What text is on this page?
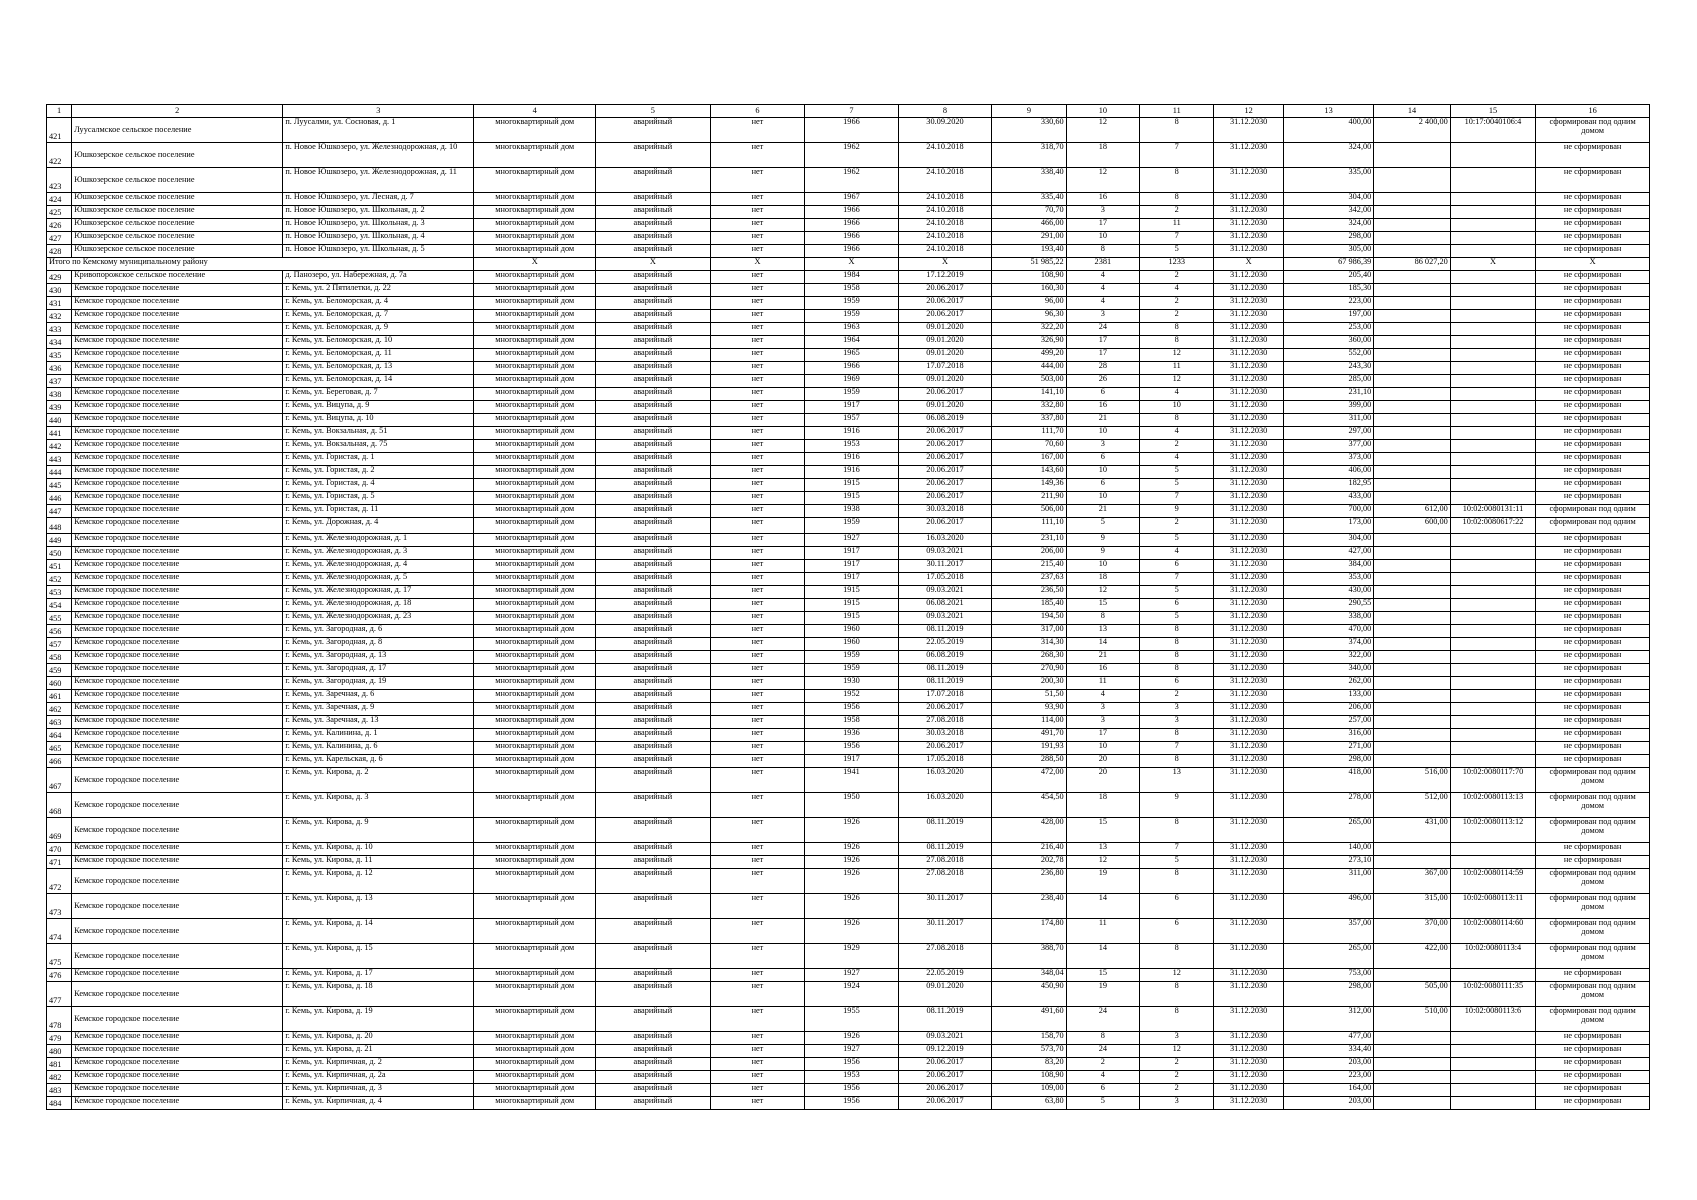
1	2	3	4	5	6	7	8	9	10	11	12	13	14	15	16
421	Луусалмское сельское поселение	п. Луусалми, ул. Сосновая, д. 1	многоквартирный дом	аварийный	нет	1966	30.09.2020	330,60	12	8	31.12.2030	400,00	2 400,00	10:17:0040106:4	сформирован под одним домом
422	Юшкозерское сельское поселение	п. Новое Юшкозеро, ул. Железнодорожная, д. 10	многоквартирный дом	аварийный	нет	1962	24.10.2018	318,70	18	7	31.12.2030	324,00			не сформирован
423	Юшкозерское сельское поселение	п. Новое Юшкозеро, ул. Железнодорожная, д. 11	многоквартирный дом	аварийный	нет	1962	24.10.2018	338,40	12	8	31.12.2030	335,00			не сформирован
424	Юшкозерское сельское поселение	п. Новое Юшкозеро, ул. Лесная, д. 7	многоквартирный дом	аварийный	нет	1967	24.10.2018	335,40	16	8	31.12.2030	304,00			не сформирован
425	Юшкозерское сельское поселение	п. Новое Юшкозеро, ул. Школьная, д. 2	многоквартирный дом	аварийный	нет	1966	24.10.2018	70,70	3	2	31.12.2030	342,00			не сформирован
426	Юшкозерское сельское поселение	п. Новое Юшкозеро, ул. Школьная, д. 3	многоквартирный дом	аварийный	нет	1966	24.10.2018	466,00	17	11	31.12.2030	324,00			не сформирован
427	Юшкозерское сельское поселение	п. Новое Юшкозеро, ул. Школьная, д. 4	многоквартирный дом	аварийный	нет	1966	24.10.2018	291,00	10	7	31.12.2030	298,00			не сформирован
428	Юшкозерское сельское поселение	п. Новое Юшкозеро, ул. Школьная, д. 5	многоквартирный дом	аварийный	нет	1966	24.10.2018	193,40	8	5	31.12.2030	305,00			не сформирован
Итого по Кемскому муниципальному району			X	X	X	X	X	51 985,22	2381	1233	X	67 986,39	86 027,20	X	X
429	Кривопорожское сельское поселение	д. Панозеро, ул. Набережная, д. 7а	многоквартирный дом	аварийный	нет	1984	17.12.2019	108,90	4	2	31.12.2030	205,40			не сформирован
430	Кемское городское поселение	г. Кемь, ул. 2 Пятилетки, д. 22	многоквартирный дом	аварийный	нет	1958	20.06.2017	160,30	4	4	31.12.2030	185,30			не сформирован
431	Кемское городское поселение	г. Кемь, ул. Беломорская, д. 4	многоквартирный дом	аварийный	нет	1959	20.06.2017	96,00	4	2	31.12.2030	223,00			не сформирован
432	Кемское городское поселение	г. Кемь, ул. Беломорская, д. 7	многоквартирный дом	аварийный	нет	1959	20.06.2017	96,30	3	2	31.12.2030	197,00			не сформирован
433	Кемское городское поселение	г. Кемь, ул. Беломорская, д. 9	многоквартирный дом	аварийный	нет	1963	09.01.2020	322,20	24	8	31.12.2030	253,00			не сформирован
434	Кемское городское поселение	г. Кемь, ул. Беломорская, д. 10	многоквартирный дом	аварийный	нет	1964	09.01.2020	326,90	17	8	31.12.2030	360,00			не сформирован
435	Кемское городское поселение	г. Кемь, ул. Беломорская, д. 11	многоквартирный дом	аварийный	нет	1965	09.01.2020	499,20	17	12	31.12.2030	552,00			не сформирован
436	Кемское городское поселение	г. Кемь, ул. Беломорская, д. 13	многоквартирный дом	аварийный	нет	1966	17.07.2018	444,00	28	11	31.12.2030	243,30			не сформирован
437	Кемское городское поселение	г. Кемь, ул. Беломорская, д. 14	многоквартирный дом	аварийный	нет	1969	09.01.2020	503,00	26	12	31.12.2030	285,00			не сформирован
438	Кемское городское поселение	г. Кемь, ул. Береговая, д. 7	многоквартирный дом	аварийный	нет	1959	20.06.2017	141,10	6	4	31.12.2030	231,10			не сформирован
439	Кемское городское поселение	г. Кемь, ул. Вицупа, д. 9	многоквартирный дом	аварийный	нет	1917	09.01.2020	332,80	16	10	31.12.2030	399,00			не сформирован
440	Кемское городское поселение	г. Кемь, ул. Вицупа, д. 10	многоквартирный дом	аварийный	нет	1957	06.08.2019	337,80	21	8	31.12.2030	311,00			не сформирован
441	Кемское городское поселение	г. Кемь, ул. Вокзальная, д. 51	многоквартирный дом	аварийный	нет	1916	20.06.2017	111,70	10	4	31.12.2030	297,00			не сформирован
442	Кемское городское поселение	г. Кемь, ул. Вокзальная, д. 75	многоквартирный дом	аварийный	нет	1953	20.06.2017	70,60	3	2	31.12.2030	377,00			не сформирован
443	Кемское городское поселение	г. Кемь, ул. Гористая, д. 1	многоквартирный дом	аварийный	нет	1916	20.06.2017	167,00	6	4	31.12.2030	373,00			не сформирован
444	Кемское городское поселение	г. Кемь, ул. Гористая, д. 2	многоквартирный дом	аварийный	нет	1916	20.06.2017	143,60	10	5	31.12.2030	406,00			не сформирован
445	Кемское городское поселение	г. Кемь, ул. Гористая, д. 4	многоквартирный дом	аварийный	нет	1915	20.06.2017	149,36	6	5	31.12.2030	182,95			не сформирован
446	Кемское городское поселение	г. Кемь, ул. Гористая, д. 5	многоквартирный дом	аварийный	нет	1915	20.06.2017	211,90	10	7	31.12.2030	433,00			не сформирован
447	Кемское городское поселение	г. Кемь, ул. Гористая, д. 11	многоквартирный дом	аварийный	нет	1938	30.03.2018	506,00	21	9	31.12.2030	700,00	612,00	10:02:0080131:11	сформирован под одним
448	Кемское городское поселение	г. Кемь, ул. Дорожная, д. 4	многоквартирный дом	аварийный	нет	1959	20.06.2017	111,10	5	2	31.12.2030	173,00	600,00	10:02:0080617:22	сформирован под одним
449	Кемское городское поселение	г. Кемь, ул. Железнодорожная, д. 1	многоквартирный дом	аварийный	нет	1927	16.03.2020	231,10	9	5	31.12.2030	304,00			не сформирован
450	Кемское городское поселение	г. Кемь, ул. Железнодорожная, д. 3	многоквартирный дом	аварийный	нет	1917	09.03.2021	206,00	9	4	31.12.2030	427,00			не сформирован
451	Кемское городское поселение	г. Кемь, ул. Железнодорожная, д. 4	многоквартирный дом	аварийный	нет	1917	30.11.2017	215,40	10	6	31.12.2030	384,00			не сформирован
452	Кемское городское поселение	г. Кемь, ул. Железнодорожная, д. 5	многоквартирный дом	аварийный	нет	1917	17.05.2018	237,63	18	7	31.12.2030	353,00			не сформирован
453	Кемское городское поселение	г. Кемь, ул. Железнодорожная, д. 17	многоквартирный дом	аварийный	нет	1915	09.03.2021	236,50	12	5	31.12.2030	430,00			не сформирован
454	Кемское городское поселение	г. Кемь, ул. Железнодорожная, д. 18	многоквартирный дом	аварийный	нет	1915	06.08.2021	185,40	15	6	31.12.2030	290,55			не сформирован
455	Кемское городское поселение	г. Кемь, ул. Железнодорожная, д. 23	многоквартирный дом	аварийный	нет	1915	09.03.2021	194,50	8	5	31.12.2030	338,00			не сформирован
456	Кемское городское поселение	г. Кемь, ул. Загородная, д. 6	многоквартирный дом	аварийный	нет	1960	08.11.2019	317,00	13	8	31.12.2030	470,00			не сформирован
457	Кемское городское поселение	г. Кемь, ул. Загородная, д. 8	многоквартирный дом	аварийный	нет	1960	22.05.2019	314,30	14	8	31.12.2030	374,00			не сформирован
458	Кемское городское поселение	г. Кемь, ул. Загородная, д. 13	многоквартирный дом	аварийный	нет	1959	06.08.2019	268,30	21	8	31.12.2030	322,00			не сформирован
459	Кемское городское поселение	г. Кемь, ул. Загородная, д. 17	многоквартирный дом	аварийный	нет	1959	08.11.2019	270,90	16	8	31.12.2030	340,00			не сформирован
460	Кемское городское поселение	г. Кемь, ул. Загородная, д. 19	многоквартирный дом	аварийный	нет	1930	08.11.2019	200,30	11	6	31.12.2030	262,00			не сформирован
461	Кемское городское поселение	г. Кемь, ул. Заречная, д. 6	многоквартирный дом	аварийный	нет	1952	17.07.2018	51,50	4	2	31.12.2030	133,00			не сформирован
462	Кемское городское поселение	г. Кемь, ул. Заречная, д. 9	многоквартирный дом	аварийный	нет	1956	20.06.2017	93,90	3	3	31.12.2030	206,00			не сформирован
463	Кемское городское поселение	г. Кемь, ул. Заречная, д. 13	многоквартирный дом	аварийный	нет	1958	27.08.2018	114,00	3	3	31.12.2030	257,00			не сформирован
464	Кемское городское поселение	г. Кемь, ул. Калинина, д. 1	многоквартирный дом	аварийный	нет	1936	30.03.2018	491,70	17	8	31.12.2030	316,00			не сформирован
465	Кемское городское поселение	г. Кемь, ул. Калинина, д. 6	многоквартирный дом	аварийный	нет	1956	20.06.2017	191,93	10	7	31.12.2030	271,00			не сформирован
466	Кемское городское поселение	г. Кемь, ул. Карельская, д. 6	многоквартирный дом	аварийный	нет	1917	17.05.2018	288,50	20	8	31.12.2030	298,00			не сформирован
467	Кемское городское поселение	г. Кемь, ул. Кирова, д. 2	многоквартирный дом	аварийный	нет	1941	16.03.2020	472,00	20	13	31.12.2030	418,00	516,00	10:02:0080117:70	сформирован под одним домом
468	Кемское городское поселение	г. Кемь, ул. Кирова, д. 3	многоквартирный дом	аварийный	нет	1950	16.03.2020	454,50	18	9	31.12.2030	278,00	512,00	10:02:0080113:13	сформирован под одним домом
469	Кемское городское поселение	г. Кемь, ул. Кирова, д. 9	многоквартирный дом	аварийный	нет	1926	08.11.2019	428,00	15	8	31.12.2030	265,00	431,00	10:02:0080113:12	сформирован под одним домом
470	Кемское городское поселение	г. Кемь, ул. Кирова, д. 10	многоквартирный дом	аварийный	нет	1926	08.11.2019	216,40	13	7	31.12.2030	140,00			не сформирован
471	Кемское городское поселение	г. Кемь, ул. Кирова, д. 11	многоквартирный дом	аварийный	нет	1926	27.08.2018	202,78	12	5	31.12.2030	273,10			не сформирован
472	Кемское городское поселение	г. Кемь, ул. Кирова, д. 12	многоквартирный дом	аварийный	нет	1926	27.08.2018	236,80	19	8	31.12.2030	311,00	367,00	10:02:0080114:59	сформирован под одним домом
473	Кемское городское поселение	г. Кемь, ул. Кирова, д. 13	многоквартирный дом	аварийный	нет	1926	30.11.2017	238,40	14	6	31.12.2030	496,00	315,00	10:02:0080113:11	сформирован под одним домом
474	Кемское городское поселение	г. Кемь, ул. Кирова, д. 14	многоквартирный дом	аварийный	нет	1926	30.11.2017	174,80	11	6	31.12.2030	357,00	370,00	10:02:0080114:60	сформирован под одним домом
475	Кемское городское поселение	г. Кемь, ул. Кирова, д. 15	многоквартирный дом	аварийный	нет	1929	27.08.2018	388,70	14	8	31.12.2030	265,00	422,00	10:02:0080113:4	сформирован под одним домом
476	Кемское городское поселение	г. Кемь, ул. Кирова, д. 17	многоквартирный дом	аварийный	нет	1927	22.05.2019	348,04	15	12	31.12.2030	753,00			не сформирован
477	Кемское городское поселение	г. Кемь, ул. Кирова, д. 18	многоквартирный дом	аварийный	нет	1924	09.01.2020	450,90	19	8	31.12.2030	298,00	505,00	10:02:0080111:35	сформирован под одним домом
478	Кемское городское поселение	г. Кемь, ул. Кирова, д. 19	многоквартирный дом	аварийный	нет	1955	08.11.2019	491,60	24	8	31.12.2030	312,00	510,00	10:02:0080113:6	сформирован под одним домом
479	Кемское городское поселение	г. Кемь, ул. Кирова, д. 20	многоквартирный дом	аварийный	нет	1926	09.03.2021	158,70	8	3	31.12.2030	477,00			не сформирован
480	Кемское городское поселение	г. Кемь, ул. Кирова, д. 21	многоквартирный дом	аварийный	нет	1927	09.12.2019	573,70	24	12	31.12.2030	334,40			не сформирован
481	Кемское городское поселение	г. Кемь, ул. Кирпичная, д. 2	многоквартирный дом	аварийный	нет	1956	20.06.2017	83,20	2	2	31.12.2030	203,00			не сформирован
482	Кемское городское поселение	г. Кемь, ул. Кирпичная, д. 2а	многоквартирный дом	аварийный	нет	1953	20.06.2017	108,90	4	2	31.12.2030	223,00			не сформирован
483	Кемское городское поселение	г. Кемь, ул. Кирпичная, д. 3	многоквартирный дом	аварийный	нет	1956	20.06.2017	109,00	6	2	31.12.2030	164,00			не сформирован
484	Кемское городское поселение	г. Кемь, ул. Кирпичная, д. 4	многоквартирный дом	аварийный	нет	1956	20.06.2017	63,80	5	3	31.12.2030	203,00			не сформирован
